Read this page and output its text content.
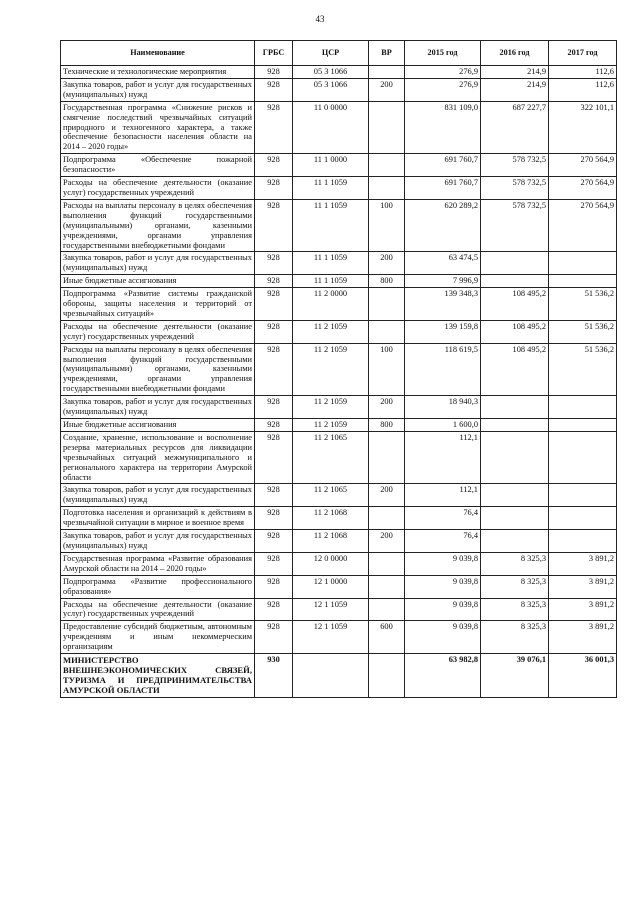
43
Наименование	ГРБС	ЦСР	ВР	2015 год	2016 год	2017 год
Технические и технологические мероприятия	928	05 3 1066		276,9	214,9	112,6
Закупка товаров, работ и услуг для государственных (муниципальных) нужд	928	05 3 1066	200	276,9	214,9	112,6
Государственная программа «Снижение рисков и смягчение последствий чрезвычайных ситуаций природного и техногенного характера, а также обеспечение безопасности населения области на 2014 – 2020 годы»	928	11 0 0000		831 109,0	687 227,7	322 101,1
Подпрограмма «Обеспечение пожарной безопасности»	928	11 1 0000		691 760,7	578 732,5	270 564,9
Расходы на обеспечение деятельности (оказание услуг) государственных учреждений	928	11 1 1059		691 760,7	578 732,5	270 564,9
Расходы на выплаты персоналу в целях обеспечения выполнения функций государственными (муниципальными) органами, казенными учреждениями, органами управления государственными внебюджетными фондами	928	11 1 1059	100	620 289,2	578 732,5	270 564,9
Закупка товаров, работ и услуг для государственных (муниципальных) нужд	928	11 1 1059	200	63 474,5		
Иные бюджетные ассигнования	928	11 1 1059	800	7 996,9		
Подпрограмма «Развитие системы гражданской обороны, защиты населения и территорий от чрезвычайных ситуаций»	928	11 2 0000		139 348,3	108 495,2	51 536,2
Расходы на обеспечение деятельности (оказание услуг) государственных учреждений	928	11 2 1059		139 159,8	108 495,2	51 536,2
Расходы на выплаты персоналу в целях обеспечения выполнения функций государственными (муниципальными) органами, казенными учреждениями, органами управления государственными внебюджетными фондами	928	11 2 1059	100	118 619,5	108 495,2	51 536,2
Закупка товаров, работ и услуг для государственных (муниципальных) нужд	928	11 2 1059	200	18 940,3		
Иные бюджетные ассигнования	928	11 2 1059	800	1 600,0		
Создание, хранение, использование и восполнение резерва материальных ресурсов для ликвидации чрезвычайных ситуаций межмуниципального и регионального характера на территории Амурской области	928	11 2 1065		112,1		
Закупка товаров, работ и услуг для государственных (муниципальных) нужд	928	11 2 1065	200	112,1		
Подготовка населения и организаций к действиям в чрезвычайной ситуации в мирное и военное время	928	11 2 1068		76,4		
Закупка товаров, работ и услуг для государственных (муниципальных) нужд	928	11 2 1068	200	76,4		
Государственная программа «Развитие образования Амурской области на 2014 – 2020 годы»	928	12 0 0000		9 039,8	8 325,3	3 891,2
Подпрограмма «Развитие профессионального образования»	928	12 1 0000		9 039,8	8 325,3	3 891,2
Расходы на обеспечение деятельности (оказание услуг) государственных учреждений	928	12 1 1059		9 039,8	8 325,3	3 891,2
Предоставление субсидий бюджетным, автономным учреждениям и иным некоммерческим организациям	928	12 1 1059	600	9 039,8	8 325,3	3 891,2
МИНИСТЕРСТВО ВНЕШНЕЭКОНОМИЧЕСКИХ СВЯЗЕЙ, ТУРИЗМА И ПРЕДПРИНИМАТЕЛЬСТВА АМУРСКОЙ ОБЛАСТИ	930			63 982,8	39 076,1	36 001,3
